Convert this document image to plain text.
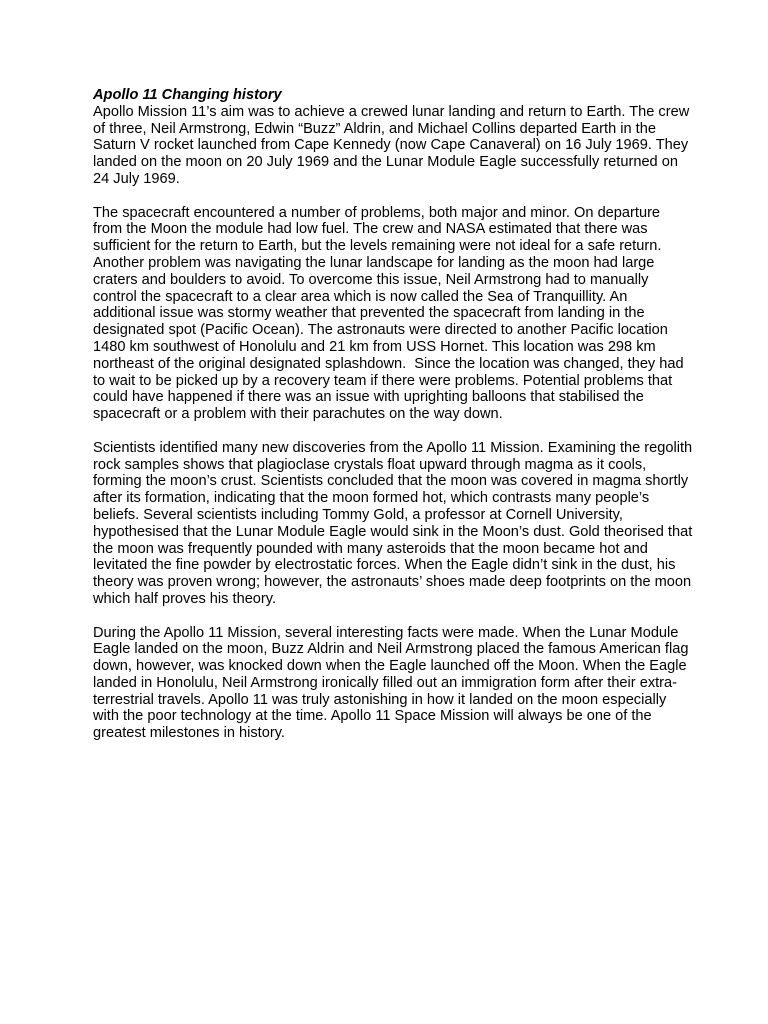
Apollo 11 Changing history

Apollo Mission 11’s aim was to achieve a crewed lunar landing and return to Earth. The crew of three, Neil Armstrong, Edwin “Buzz” Aldrin, and Michael Collins departed Earth in the Saturn V rocket launched from Cape Kennedy (now Cape Canaveral) on 16 July 1969. They landed on the moon on 20 July 1969 and the Lunar Module Eagle successfully returned on 24 July 1969.

The spacecraft encountered a number of problems, both major and minor. On departure from the Moon the module had low fuel. The crew and NASA estimated that there was sufficient for the return to Earth, but the levels remaining were not ideal for a safe return. Another problem was navigating the lunar landscape for landing as the moon had large craters and boulders to avoid. To overcome this issue, Neil Armstrong had to manually control the spacecraft to a clear area which is now called the Sea of Tranquillity. An additional issue was stormy weather that prevented the spacecraft from landing in the designated spot (Pacific Ocean). The astronauts were directed to another Pacific location 1480 km southwest of Honolulu and 21 km from USS Hornet. This location was 298 km northeast of the original designated splashdown.  Since the location was changed, they had to wait to be picked up by a recovery team if there were problems. Potential problems that could have happened if there was an issue with uprighting balloons that stabilised the spacecraft or a problem with their parachutes on the way down.

Scientists identified many new discoveries from the Apollo 11 Mission. Examining the regolith rock samples shows that plagioclase crystals float upward through magma as it cools, forming the moon’s crust. Scientists concluded that the moon was covered in magma shortly after its formation, indicating that the moon formed hot, which contrasts many people’s beliefs. Several scientists including Tommy Gold, a professor at Cornell University, hypothesised that the Lunar Module Eagle would sink in the Moon’s dust. Gold theorised that the moon was frequently pounded with many asteroids that the moon became hot and levitated the fine powder by electrostatic forces. When the Eagle didn’t sink in the dust, his theory was proven wrong; however, the astronauts’ shoes made deep footprints on the moon which half proves his theory.

During the Apollo 11 Mission, several interesting facts were made. When the Lunar Module Eagle landed on the moon, Buzz Aldrin and Neil Armstrong placed the famous American flag down, however, was knocked down when the Eagle launched off the Moon. When the Eagle landed in Honolulu, Neil Armstrong ironically filled out an immigration form after their extra-terrestrial travels. Apollo 11 was truly astonishing in how it landed on the moon especially with the poor technology at the time. Apollo 11 Space Mission will always be one of the greatest milestones in history.
